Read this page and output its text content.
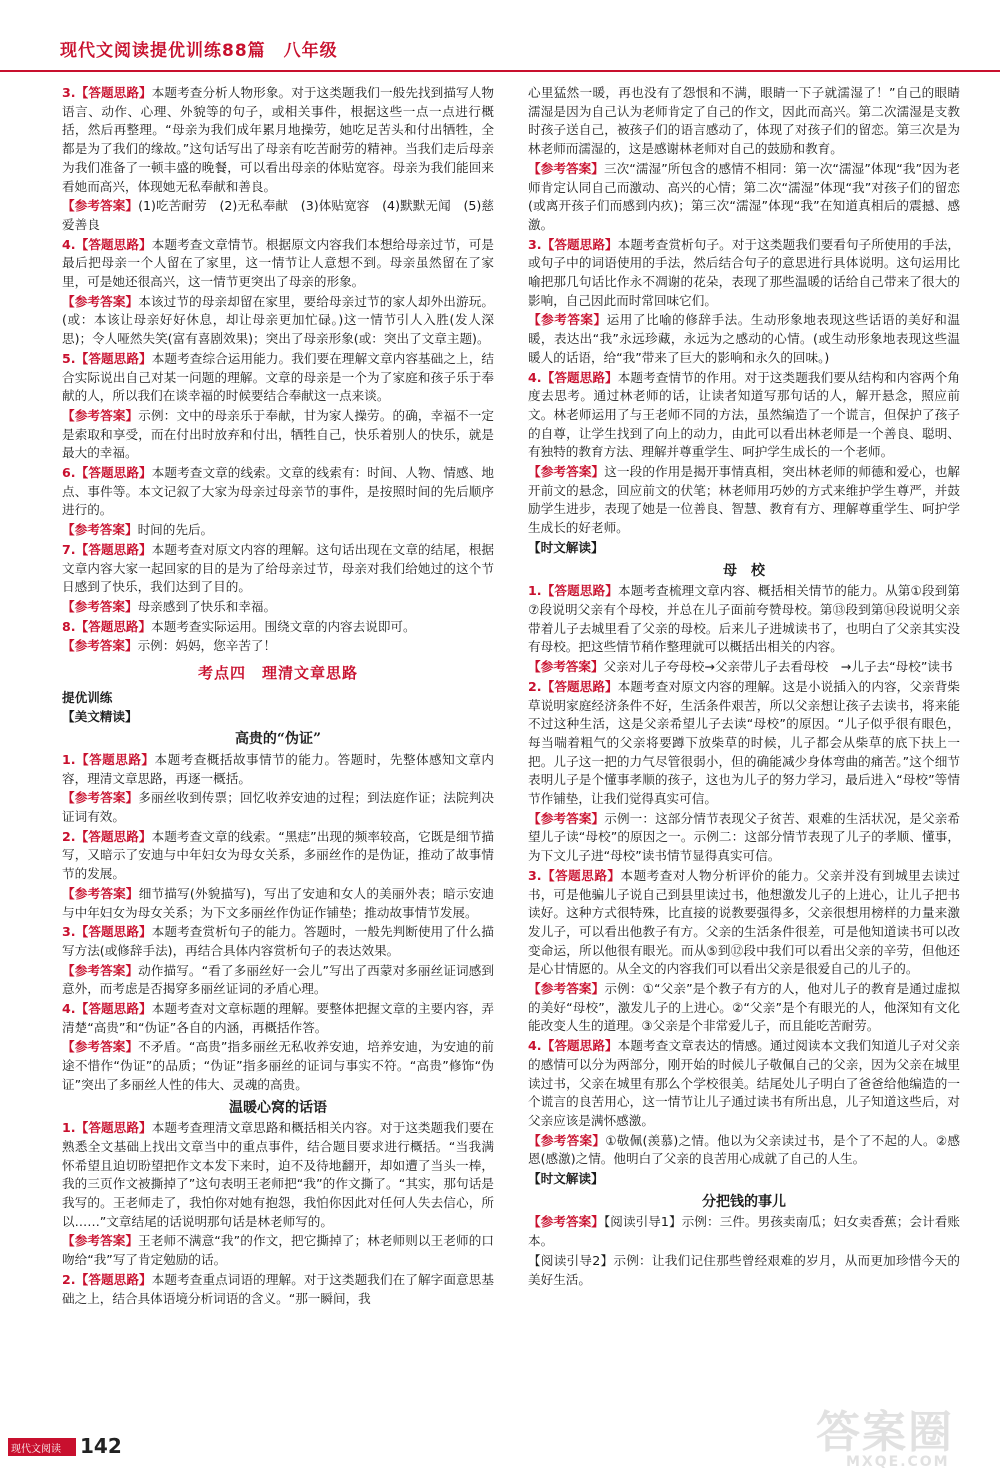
现代文阅读提优训练88篇　八年级

3.【答题思路】本题考查分析人物形象。对于这类题我们一般先找到描写人物语言、动作、心理、外貌等的句子，或相关事件，根据这些一点一点进行概括，然后再整理。“母亲为我们成年累月地操劳，她吃足苦头和付出牺牲，全都是为了我们的缘故。”这句话写出了母亲有吃苦耐劳的精神。当我们走后母亲为我们准备了一顿丰盛的晚餐，可以看出母亲的体贴宽容。母亲为我们能回来看她而高兴，体现她无私奉献和善良。

【参考答案】(1)吃苦耐劳　(2)无私奉献　(3)体贴宽容　(4)默默无闻　(5)慈爱善良

4.【答题思路】本题考查文章情节。根据原文内容我们本想给母亲过节，可是最后把母亲一个人留在了家里，这一情节让人意想不到。母亲虽然留在了家里，可是她还很高兴，这一情节更突出了母亲的形象。

【参考答案】本该过节的母亲却留在家里，要给母亲过节的家人却外出游玩。(或：本该让母亲好好休息，却让母亲更加忙碌。)这一情节引人入胜(发人深思)；令人哑然失笑(富有喜剧效果)；突出了母亲形象(或：突出了文章主题)。

5.【答题思路】本题考查综合运用能力。我们要在理解文章内容基础之上，结合实际说出自己对某一问题的理解。文章的母亲是一个为了家庭和孩子乐于奉献的人，所以我们在谈幸福的时候要结合奉献这一点来谈。

【参考答案】示例：文中的母亲乐于奉献，甘为家人操劳。的确，幸福不一定是索取和享受，而在付出时放弃和付出，牺牲自己，快乐着别人的快乐，就是最大的幸福。

6.【答题思路】本题考查文章的线索。文章的线索有：时间、人物、情感、地点、事件等。本文记叙了大家为母亲过母亲节的事件，是按照时间的先后顺序进行的。

【参考答案】时间的先后。

7.【答题思路】本题考查对原文内容的理解。这句话出现在文章的结尾，根据文章内容大家一起回家的目的是为了给母亲过节，母亲对我们给她过的这个节日感到了快乐，我们达到了目的。

【参考答案】母亲感到了快乐和幸福。

8.【答题思路】本题考查实际运用。围绕文章的内容去说即可。

【参考答案】示例：妈妈，您辛苦了！

考点四　理清文章思路
提优训练
【美文精读】
高贵的“伪证”

1.【答题思路】本题考查概括故事情节的能力。答题时，先整体感知文章内容，理清文章思路，再逐一概括。

【参考答案】多丽丝收到传票；回忆收养安迪的过程；到法庭作证；法院判决证词有效。

2.【答题思路】本题考查文章的线索。“黑痣”出现的频率较高，它既是细节描写，又暗示了安迪与中年妇女为母女关系，多丽丝作的是伪证，推动了故事情节的发展。

【参考答案】细节描写(外貌描写)，写出了安迪和女人的美丽外表；暗示安迪与中年妇女为母女关系；为下文多丽丝作伪证作铺垫；推动故事情节发展。

3.【答题思路】本题考查赏析句子的能力。答题时，一般先判断使用了什么描写方法(或修辞手法)，再结合具体内容赏析句子的表达效果。

【参考答案】动作描写。“看了多丽丝好一会儿”写出了西蒙对多丽丝证词感到意外，而考虑是否揭穿多丽丝证词的矛盾心理。

4.【答题思路】本题考查对文章标题的理解。要整体把握文章的主要内容，弄清楚“高贵”和“伪证”各自的内涵，再概括作答。

【参考答案】不矛盾。“高贵”指多丽丝无私收养安迪，培养安迪，为安迪的前途不惜作“伪证”的品质；“伪证”指多丽丝的证词与事实不符。“高贵”修饰“伪证”突出了多丽丝人性的伟大、灵魂的高贵。

温暖心窝的话语

1.【答题思路】本题考查理清文章思路和概括相关内容。对于这类题我们要在熟悉全文基础上找出文章当中的重点事件，结合题目要求进行概括。“当我满怀希望且迫切盼望把作文本发下来时，迫不及待地翻开，却如遭了当头一棒，我的三页作文被撕掉了”这句表明王老师把“我”的作文撕了。“其实，那句话是我写的。王老师走了，我怕你对她有抱怨，我怕你因此对任何人失去信心，所以……”文章结尾的话说明那句话是林老师写的。

【参考答案】王老师不满意“我”的作文，把它撕掉了；林老师则以王老师的口吻给“我”写了肯定勉励的话。

2.【答题思路】本题考查重点词语的理解。对于这类题我们在了解字面意思基础之上，结合具体语境分析词语的含义。“那一瞬间，我

心里猛然一暖，再也没有了怨恨和不满，眼睛一下子就濡湿了！”自己的眼睛濡湿是因为自己认为老师肯定了自己的作文，因此而高兴。第二次濡湿是支教时孩子送自己，被孩子们的语言感动了，体现了对孩子们的留恋。第三次是为林老师而濡湿的，这是感谢林老师对自己的鼓励和教育。

【参考答案】三次“濡湿”所包含的感情不相同：第一次“濡湿”体现“我”因为老师肯定认同自己而激动、高兴的心情；第二次“濡湿”体现“我”对孩子们的留恋(或离开孩子们而感到内疚)；第三次“濡湿”体现“我”在知道真相后的震撼、感激。

3.【答题思路】本题考查赏析句子。对于这类题我们要看句子所使用的手法，或句子中的词语使用的手法，然后结合句子的意思进行具体说明。这句运用比喻把那几句话比作永不凋谢的花朵，表现了那些温暖的话给自己带来了很大的影响，自己因此而时常回味它们。

【参考答案】运用了比喻的修辞手法。生动形象地表现这些话语的美好和温暖，表达出“我”永远珍藏，永远为之感动的心情。(或生动形象地表现这些温暖人的话语，给“我”带来了巨大的影响和永久的回味。)

4.【答题思路】本题考查情节的作用。对于这类题我们要从结构和内容两个角度去思考。通过林老师的话，让读者知道写那句话的人，解开悬念，照应前文。林老师运用了与王老师不同的方法，虽然编造了一个谎言，但保护了孩子的自尊，让学生找到了向上的动力，由此可以看出林老师是一个善良、聪明、有独特的教育方法、理解并尊重学生、呵护学生成长的一个老师。

【参考答案】这一段的作用是揭开事情真相，突出林老师的师德和爱心，也解开前文的悬念，回应前文的伏笔；林老师用巧妙的方式来维护学生尊严，并鼓励学生进步，表现了她是一位善良、智慧、教育有方、理解尊重学生、呵护学生成长的好老师。

【时文解读】
母　校

1.【答题思路】本题考查梳理文章内容、概括相关情节的能力。从第①段到第⑦段说明父亲有个母校，并总在儿子面前夸赞母校。第⑬段到第⑭段说明父亲带着儿子去城里看了父亲的母校。后来儿子进城读书了，也明白了父亲其实没有母校。把这些情节稍作整理就可以概括出相关的内容。

【参考答案】父亲对儿子夸母校→父亲带儿子去看母校　→儿子去“母校”读书

2.【答题思路】本题考查对原文内容的理解。这是小说插入的内容，父亲背柴草说明家庭经济条件不好，生活条件艰苦，所以父亲想让孩子去读书，将来能不过这种生活，这是父亲希望儿子去读“母校”的原因。“儿子似乎很有眼色，每当喘着粗气的父亲将要蹲下放柴草的时候，儿子都会从柴草的底下扶上一把。儿子这一把的力气尽管很弱小，但的确能减少身体弯曲的痛苦。”这个细节表明儿子是个懂事孝顺的孩子，这也为儿子的努力学习，最后进入“母校”等情节作铺垫，让我们觉得真实可信。

【参考答案】示例一：这部分情节表现父子贫苦、艰难的生活状况，是父亲希望儿子读“母校”的原因之一。示例二：这部分情节表现了儿子的孝顺、懂事，为下文儿子进“母校”读书情节显得真实可信。

3.【答题思路】本题考查对人物分析评价的能力。父亲并没有到城里去读过书，可是他骗儿子说自己到县里读过书，他想激发儿子的上进心，让儿子把书读好。这种方式很特殊，比直接的说教要强得多，父亲很想用榜样的力量来激发儿子，可以看出他教子有方。父亲的生活条件很差，可是他知道读书可以改变命运，所以他很有眼光。而从⑤到⑫段中我们可以看出父亲的辛劳，但他还是心甘情愿的。从全文的内容我们可以看出父亲是很爱自己的儿子的。

【参考答案】示例：①“父亲”是个教子有方的人，他对儿子的教育是通过虚拟的美好“母校”，激发儿子的上进心。②“父亲”是个有眼光的人，他深知有文化能改变人生的道理。③父亲是个非常爱儿子，而且能吃苦耐劳。

4.【答题思路】本题考查文章表达的情感。通过阅读本文我们知道儿子对父亲的感情可以分为两部分，刚开始的时候儿子敬佩自己的父亲，因为父亲在城里读过书，父亲在城里有那么个学校很美。结尾处儿子明白了爸爸给他编造的一个谎言的良苦用心，这一情节让儿子通过读书有所出息，儿子知道这些后，对父亲应该是满怀感激。

【参考答案】①敬佩(羡慕)之情。他以为父亲读过书，是个了不起的人。②感恩(感激)之情。他明白了父亲的良苦用心成就了自己的人生。

【时文解读】
分把钱的事儿

【参考答案】【阅读引导1】示例：三件。男孩卖南瓜；妇女卖香蕉；会计看账本。

【阅读引导2】示例：让我们记住那些曾经艰难的岁月，从而更加珍惜今天的美好生活。

现代文阅读 142	答案圈
MXQE.COM
